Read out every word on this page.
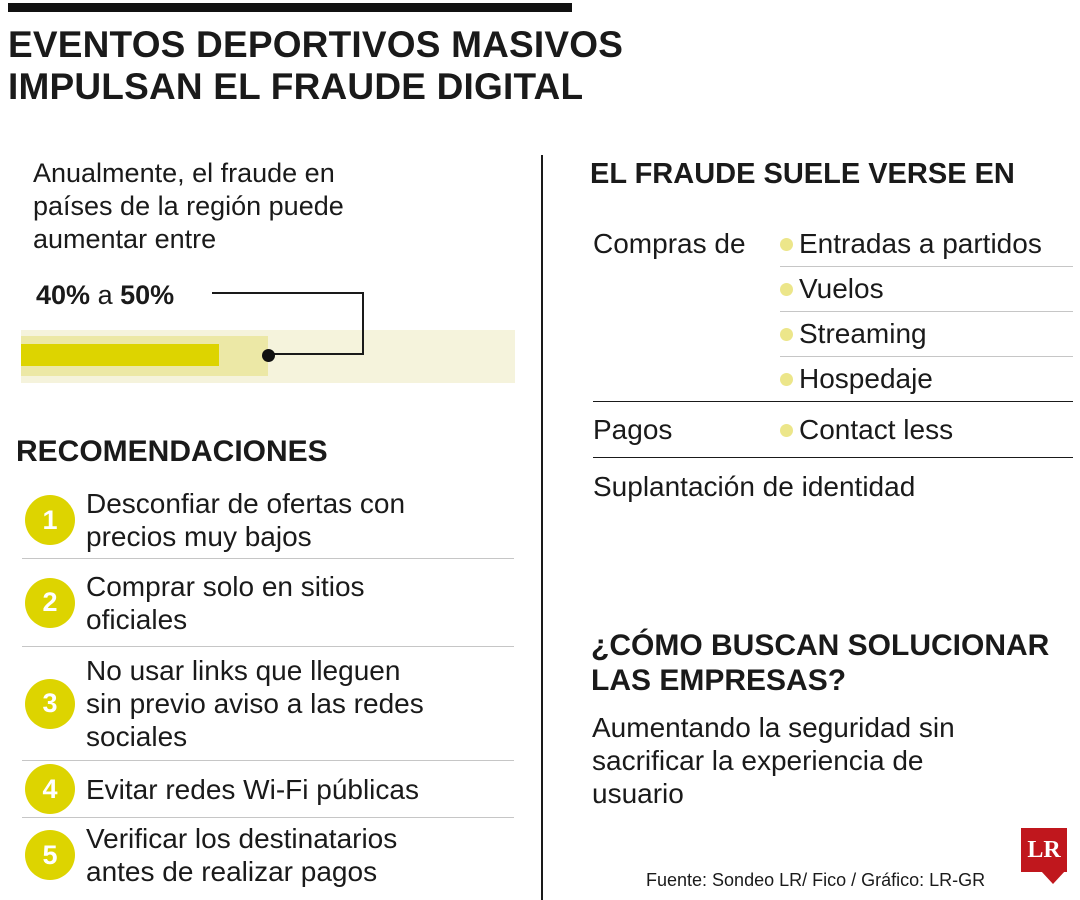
EVENTOS DEPORTIVOS MASIVOS
IMPULSAN EL FRAUDE DIGITAL
Anualmente, el fraude en
países de la región puede
aumentar entre
40% a 50%
RECOMENDACIONES
1
Desconfiar de ofertas con
precios muy bajos
2
Comprar solo en sitios
oficiales
3
No usar links que lleguen
sin previo aviso a las redes
sociales
4	Evitar redes Wi-Fi públicas
5
Verificar los destinatarios
antes de realizar pagos
EL FRAUDE SUELE VERSE EN
Compras de Entradas a partidos
Vuelos
Streaming
Hospedaje
Pagos	Contact less
Suplantación de identidad
¿CÓMO BUSCAN SOLUCIONAR
LAS EMPRESAS?
Aumentando la seguridad sin
sacrificar la experiencia de
usuario
Fuente: Sondeo LR/ Fico / Gráfico: LR-GR
LR
